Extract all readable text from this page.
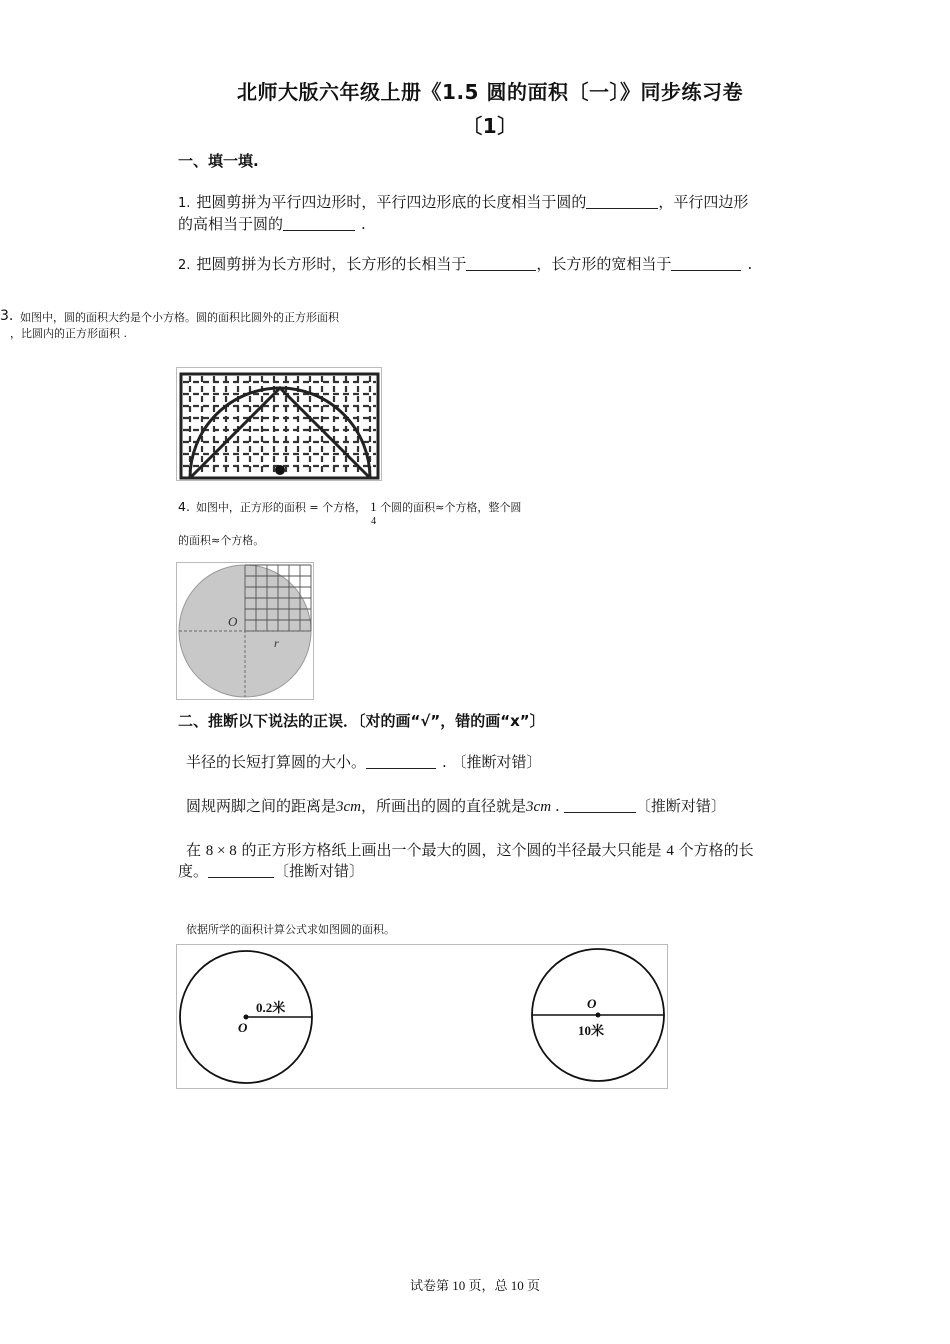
北师大版六年级上册《1.5 圆的面积〔一〕》同步练习卷
〔1〕
一、填一填.
1. 把圆剪拼为平行四边形时，平行四边形底的长度相当于圆的	，平行四边形
的高相当于圆的	.
2. 把圆剪拼为长方形时，长方形的长相当于	，长方形的宽相当于	.
3. 如图中，圆的面积大约是个小方格。圆的面积比圆外的正方形面积
，比圆内的正方形面积 .
4. 如图中，正方形的面积 = 个方格， 1
4
个圆的面积≈个方格，整个圆
的面积≈个方格。
O
r
二、推断以下说法的正误．〔对的画“√”，错的画“x”〕
半径的长短打算圆的大小。	. 〔推断对错〕
圆规两脚之间的距离是3cm，所画出的圆的直径就是3cm .	〔推断对错〕
在 8 × 8 的正方形方格纸上画出一个最大的圆，这个圆的半径最大只能是 4 个方格的长
度。	〔推断对错〕
依据所学的面积计算公式求如图圆的面积。
O
0.2米	O
10米
试卷第 10 页，总 10 页
